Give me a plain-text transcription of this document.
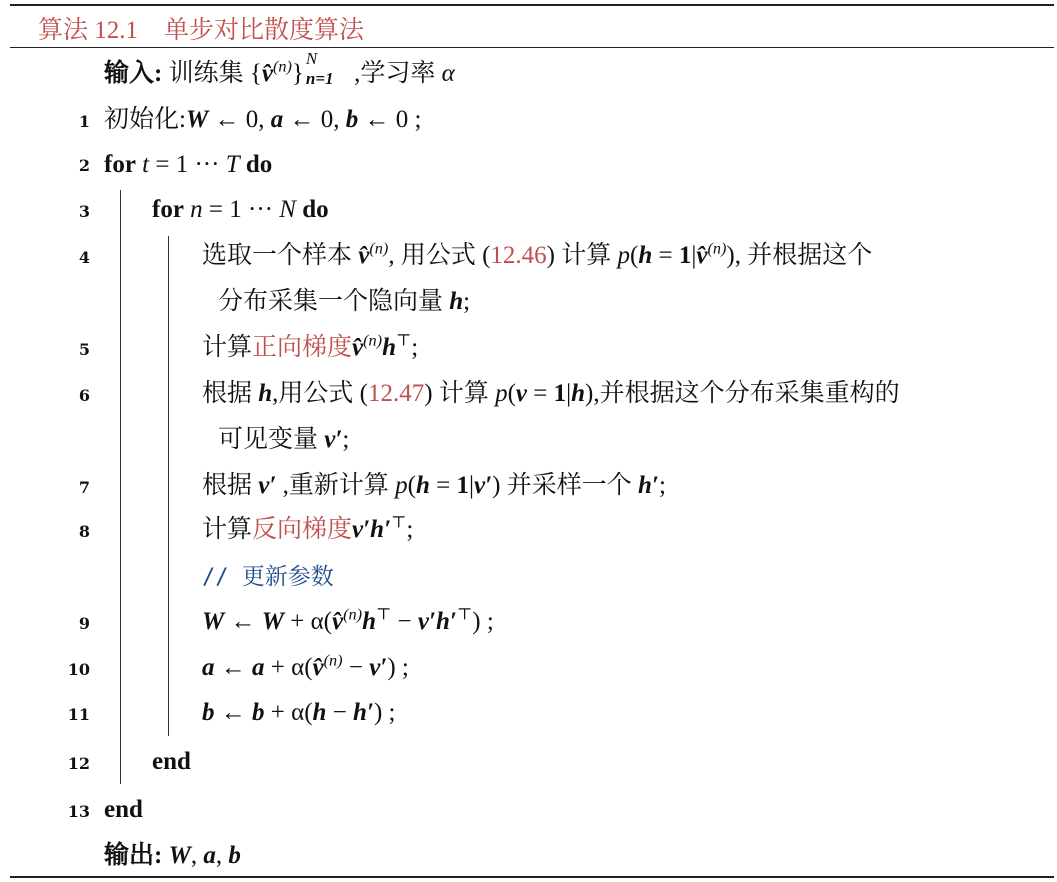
算法 12.1 单步对比散度算法
输入: 训练集 {v̂$^{(n)}$}
N
n=1 ,学习率 α
1 初始化:W ← 0, a ← 0, b ← 0 ;
2 for t = 1 ··· T do
3 for n = 1 ··· N do
4	选取一个样本 v̂$^{(n)}$, 用公式 (12.46) 计算 p(h = 1|v̂$^{(n)}$), 并根据这个
分布采集一个隐向量 h;
5	计算正向梯度v̂$^{(n)}$h⊤;
6	根据 h,用公式 (12.47) 计算 p(v = 1|h),并根据这个分布采集重构的
可见变量 v′;
7	根据 v′ ,重新计算 p(h = 1|v′) 并采样一个 h′;
8	计算反向梯度v′h′⊤;
// 更新参数
9	W ← W + α(v̂$^{(n)}$h⊤ − v′h′⊤) ;
10	a ← a + α(v̂$^{(n)}$ − v′) ;
11	b ← b + α(h − h′) ;
12 end
13 end
输出: W, a, b
